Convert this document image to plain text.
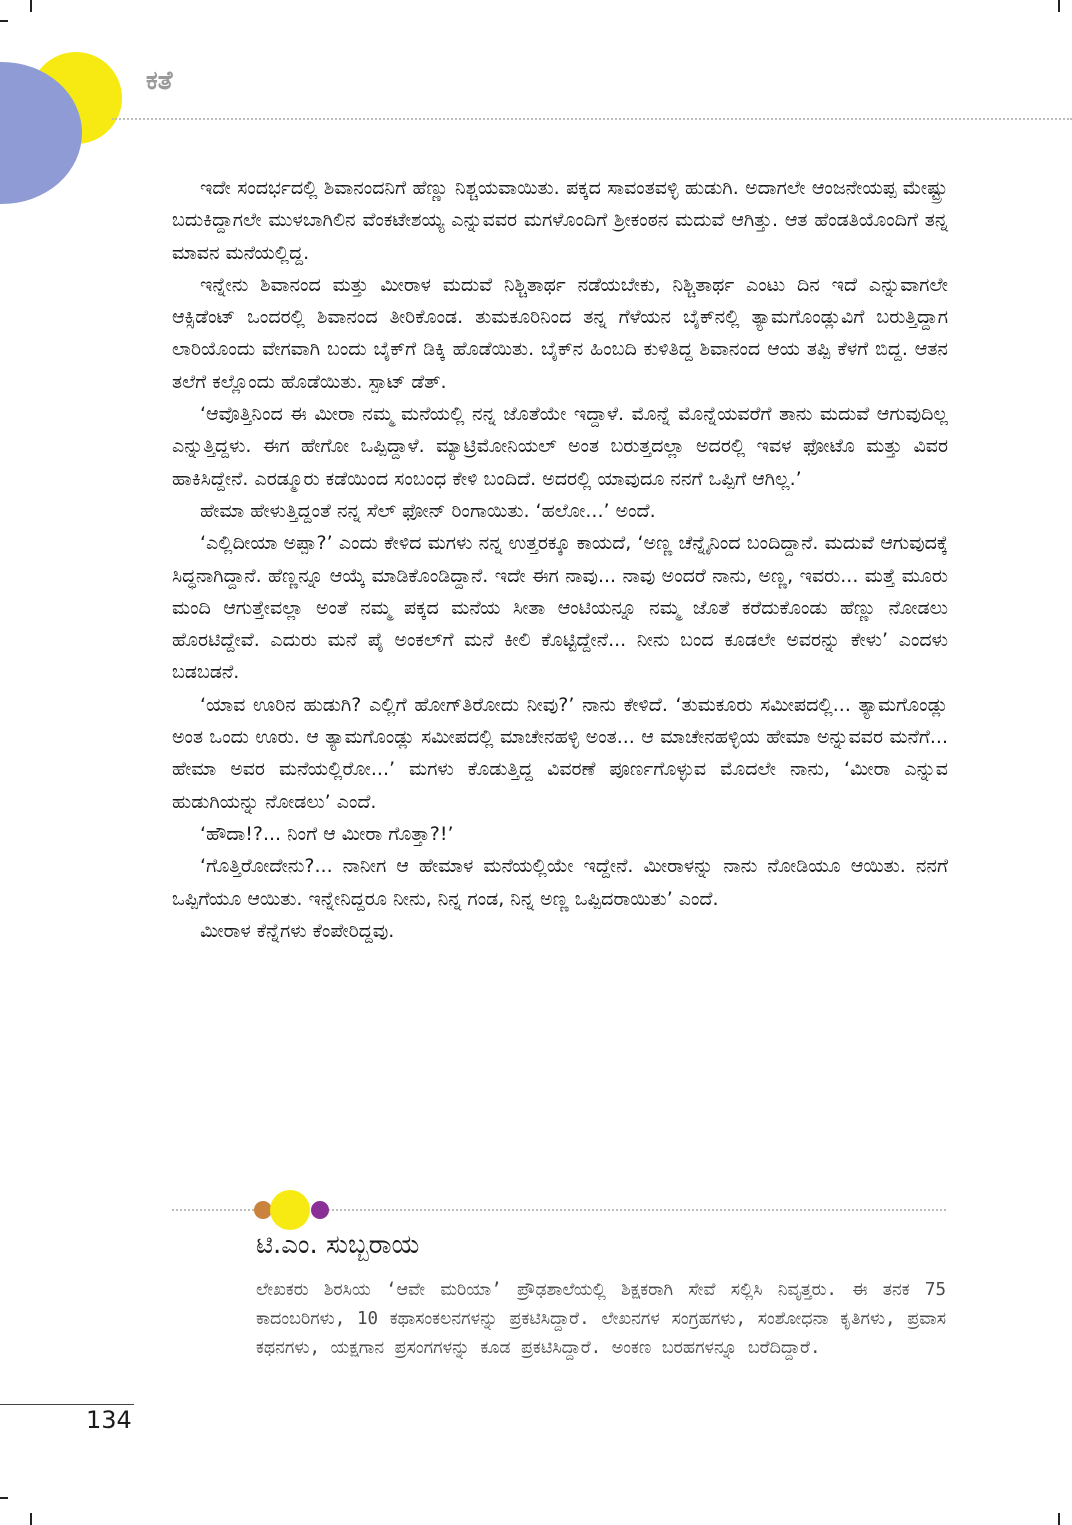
ಕತೆ

ಇದೇ ಸಂದರ್ಭದಲ್ಲಿ ಶಿವಾನಂದನಿಗೆ ಹೆಣ್ಣು ನಿಶ್ಚಯವಾಯಿತು. ಪಕ್ಕದ ಸಾವಂತವಳ್ಳಿ ಹುಡುಗಿ. ಅದಾಗಲೇ ಆಂಜನೇಯಪ್ಪ ಮೇಷ್ಟ್ರು ಬದುಕಿದ್ದಾಗಲೇ ಮುಳಬಾಗಿಲಿನ ವೆಂಕಟೇಶಯ್ಯ ಎನ್ನುವವರ ಮಗಳೊಂದಿಗೆ ಶ್ರೀಕಂಠನ ಮದುವೆ ಆಗಿತ್ತು. ಆತ ಹೆಂಡತಿಯೊಂದಿಗೆ ತನ್ನ ಮಾವನ ಮನೆಯಲ್ಲಿದ್ದ.

ಇನ್ನೇನು ಶಿವಾನಂದ ಮತ್ತು ಮೀರಾಳ ಮದುವೆ ನಿಶ್ಚಿತಾರ್ಥ ನಡೆಯಬೇಕು, ನಿಶ್ಚಿತಾರ್ಥ ಎಂಟು ದಿನ ಇದೆ ಎನ್ನುವಾಗಲೇ ಆಕ್ಸಿಡೆಂಟ್ ಒಂದರಲ್ಲಿ ಶಿವಾನಂದ ತೀರಿಕೊಂಡ. ತುಮಕೂರಿನಿಂದ ತನ್ನ ಗೆಳೆಯನ ಬೈಕ್‌ನಲ್ಲಿ ತ್ಯಾಮಗೊಂಡ್ಲುವಿಗೆ ಬರುತ್ತಿದ್ದಾಗ ಲಾರಿಯೊಂದು ವೇಗವಾಗಿ ಬಂದು ಬೈಕ್‌ಗೆ ಡಿಕ್ಕಿ ಹೊಡೆಯಿತು. ಬೈಕ್‌ನ ಹಿಂಬದಿ ಕುಳಿತಿದ್ದ ಶಿವಾನಂದ ಆಯ ತಪ್ಪಿ ಕೆಳಗೆ ಬಿದ್ದ. ಆತನ ತಲೆಗೆ ಕಲ್ಲೊಂದು ಹೊಡೆಯಿತು. ಸ್ಪಾಟ್ ಡೆತ್.

‘ಆವೊತ್ತಿನಿಂದ ಈ ಮೀರಾ ನಮ್ಮ ಮನೆಯಲ್ಲಿ ನನ್ನ ಜೊತೆಯೇ ಇದ್ದಾಳೆ. ಮೊನ್ನೆ ಮೊನ್ನೆಯವರೆಗೆ ತಾನು ಮದುವೆ ಆಗುವುದಿಲ್ಲ ಎನ್ನುತ್ತಿದ್ದಳು. ಈಗ ಹೇಗೋ ಒಪ್ಪಿದ್ದಾಳೆ. ಮ್ಯಾಟ್ರಿಮೋನಿಯಲ್ ಅಂತ ಬರುತ್ತದಲ್ಲಾ ಅದರಲ್ಲಿ ಇವಳ ಫೋಟೊ ಮತ್ತು ವಿವರ ಹಾಕಿಸಿದ್ದೇನೆ. ಎರಡ್ಮೂರು ಕಡೆಯಿಂದ ಸಂಬಂಧ ಕೇಳಿ ಬಂದಿದೆ. ಅದರಲ್ಲಿ ಯಾವುದೂ ನನಗೆ ಒಪ್ಪಿಗೆ ಆಗಿಲ್ಲ.’

ಹೇಮಾ ಹೇಳುತ್ತಿದ್ದಂತೆ ನನ್ನ ಸೆಲ್ ಫೋನ್ ರಿಂಗಾಯಿತು. ‘ಹಲೋ...’ ಅಂದೆ.

‘ಎಲ್ಲಿದೀಯಾ ಅಪ್ಪಾ?’ ಎಂದು ಕೇಳಿದ ಮಗಳು ನನ್ನ ಉತ್ತರಕ್ಕೂ ಕಾಯದೆ, ‘ಅಣ್ಣ ಚೆನ್ನೈನಿಂದ ಬಂದಿದ್ದಾನೆ. ಮದುವೆ ಆಗುವುದಕ್ಕೆ ಸಿದ್ಧನಾಗಿದ್ದಾನೆ. ಹೆಣ್ಣನ್ನೂ ಆಯ್ಕೆ ಮಾಡಿಕೊಂಡಿದ್ದಾನೆ. ಇದೇ ಈಗ ನಾವು... ನಾವು ಅಂದರೆ ನಾನು, ಅಣ್ಣ, ಇವರು... ಮತ್ತೆ ಮೂರು ಮಂದಿ ಆಗುತ್ತೇವಲ್ಲಾ ಅಂತೆ ನಮ್ಮ ಪಕ್ಕದ ಮನೆಯ ಸೀತಾ ಆಂಟಿಯನ್ನೂ ನಮ್ಮ ಜೊತೆ ಕರೆದುಕೊಂಡು ಹೆಣ್ಣು ನೋಡಲು ಹೊರಟಿದ್ದೇವೆ. ಎದುರು ಮನೆ ಪೈ ಅಂಕಲ್‌ಗೆ ಮನೆ ಕೀಲಿ ಕೊಟ್ಟಿದ್ದೇನೆ... ನೀನು ಬಂದ ಕೂಡಲೇ ಅವರನ್ನು ಕೇಳು’ ಎಂದಳು ಬಡಬಡನೆ.

‘ಯಾವ ಊರಿನ ಹುಡುಗಿ? ಎಲ್ಲಿಗೆ ಹೋಗ್‌ತಿರೋದು ನೀವು?’ ನಾನು ಕೇಳಿದೆ. ‘ತುಮಕೂರು ಸಮೀಪದಲ್ಲಿ... ತ್ಯಾಮಗೊಂಡ್ಲು ಅಂತ ಒಂದು ಊರು. ಆ ತ್ಯಾಮಗೊಂಡ್ಲು ಸಮೀಪದಲ್ಲಿ ಮಾಚೇನಹಳ್ಳಿ ಅಂತ... ಆ ಮಾಚೇನಹಳ್ಳಿಯ ಹೇಮಾ ಅನ್ನುವವರ ಮನೆಗೆ... ಹೇಮಾ ಅವರ ಮನೆಯಲ್ಲಿರೋ...’ ಮಗಳು ಕೊಡುತ್ತಿದ್ದ ವಿವರಣೆ ಪೂರ್ಣಗೊಳ್ಳುವ ಮೊದಲೇ ನಾನು, ‘ಮೀರಾ ಎನ್ನುವ ಹುಡುಗಿಯನ್ನು ನೋಡಲು’ ಎಂದೆ.

‘ಹೌದಾ!?... ನಿಂಗೆ ಆ ಮೀರಾ ಗೊತ್ತಾ?!’

‘ಗೊತ್ತಿರೋದೇನು?... ನಾನೀಗ ಆ ಹೇಮಾಳ ಮನೆಯಲ್ಲಿಯೇ ಇದ್ದೇನೆ. ಮೀರಾಳನ್ನು ನಾನು ನೋಡಿಯೂ ಆಯಿತು. ನನಗೆ ಒಪ್ಪಿಗೆಯೂ ಆಯಿತು. ಇನ್ನೇನಿದ್ದರೂ ನೀನು, ನಿನ್ನ ಗಂಡ, ನಿನ್ನ ಅಣ್ಣ ಒಪ್ಪಿದರಾಯಿತು’ ಎಂದೆ.

ಮೀರಾಳ ಕೆನ್ನೆಗಳು ಕೆಂಪೇರಿದ್ದವು.

ಟಿ.ಎಂ. ಸುಬ್ಬರಾಯ

ಲೇಖಕರು ಶಿರಸಿಯ ‘ಆವೇ ಮರಿಯಾ’ ಪ್ರೌಢಶಾಲೆಯಲ್ಲಿ ಶಿಕ್ಷಕರಾಗಿ ಸೇವೆ ಸಲ್ಲಿಸಿ ನಿವೃತ್ತರು. ಈ ತನಕ 75 ಕಾದಂಬರಿಗಳು, 10 ಕಥಾಸಂಕಲನಗಳನ್ನು ಪ್ರಕಟಿಸಿದ್ದಾರೆ. ಲೇಖನಗಳ ಸಂಗ್ರಹಗಳು, ಸಂಶೋಧನಾ ಕೃತಿಗಳು, ಪ್ರವಾಸ ಕಥನಗಳು, ಯಕ್ಷಗಾನ ಪ್ರಸಂಗಗಳನ್ನು ಕೂಡ ಪ್ರಕಟಿಸಿದ್ದಾರೆ. ಅಂಕಣ ಬರಹಗಳನ್ನೂ ಬರೆದಿದ್ದಾರೆ.

134
